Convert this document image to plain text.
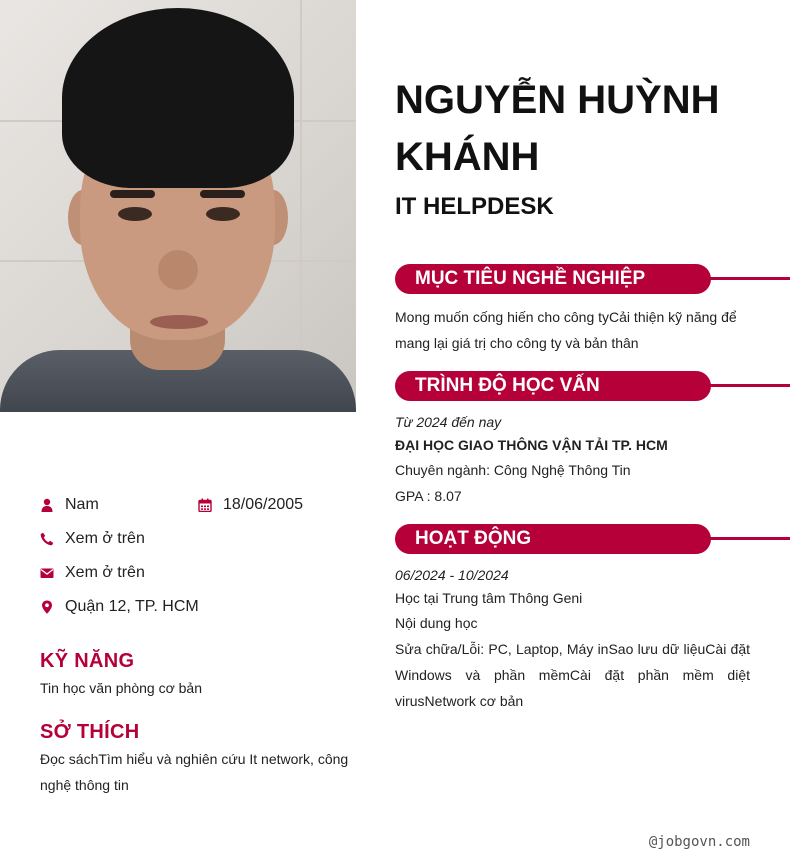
Nam	18/06/2005
Xem ở trên
Xem ở trên
Quận 12, TP. HCM
KỸ NĂNG
Tin học văn phòng cơ bản
SỞ THÍCH
Đọc sáchTìm hiểu và nghiên cứu It network, công nghệ thông tin
NGUYỄN HUỲNH KHÁNH
IT HELPDESK
MỤC TIÊU NGHỀ NGHIỆP
Mong muốn cống hiến cho công tyCải thiện kỹ năng để mang lại giá trị cho công ty và bản thân
TRÌNH ĐỘ HỌC VẤN
Từ 2024 đến nay
ĐẠI HỌC GIAO THÔNG VẬN TẢI TP. HCM
Chuyên ngành: Công Nghệ Thông Tin
GPA : 8.07
HOẠT ĐỘNG
06/2024 - 10/2024
Học tại Trung tâm Thông Geni
Nội dung học
Sửa chữa/Lỗi: PC, Laptop, Máy inSao lưu dữ liệuCài đặt Windows và phần mềmCài đặt phần mềm diệt virusNetwork cơ bản
@jobgovn.com
